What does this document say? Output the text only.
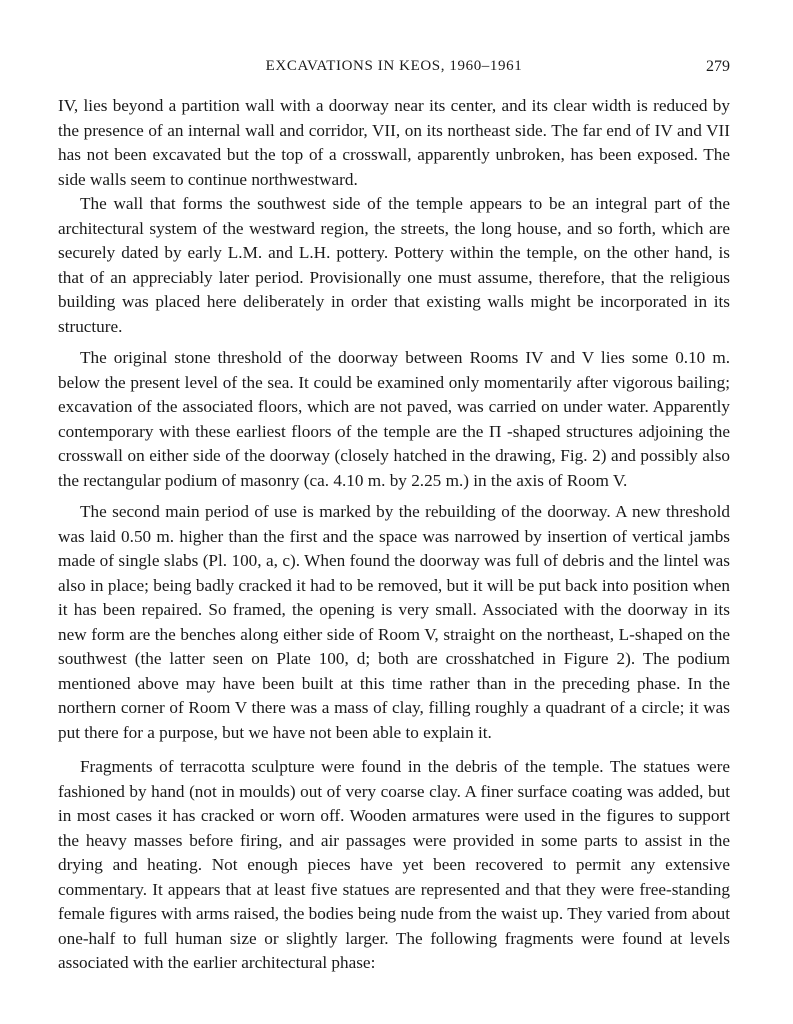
EXCAVATIONS IN KEOS, 1960–1961	279

IV, lies beyond a partition wall with a doorway near its center, and its clear width is reduced by the presence of an internal wall and corridor, VII, on its northeast side. The far end of IV and VII has not been excavated but the top of a crosswall, apparently unbroken, has been exposed. The side walls seem to continue northwestward.

The wall that forms the southwest side of the temple appears to be an integral part of the architectural system of the westward region, the streets, the long house, and so forth, which are securely dated by early L.M. and L.H. pottery. Pottery within the temple, on the other hand, is that of an appreciably later period. Provisionally one must assume, therefore, that the religious building was placed here deliberately in order that existing walls might be incorporated in its structure.

The original stone threshold of the doorway between Rooms IV and V lies some 0.10 m. below the present level of the sea. It could be examined only momentarily after vigorous bailing; excavation of the associated floors, which are not paved, was carried on under water. Apparently contemporary with these earliest floors of the temple are the Π -shaped structures adjoining the crosswall on either side of the doorway (closely hatched in the drawing, Fig. 2) and possibly also the rectangular podium of masonry (ca. 4.10 m. by 2.25 m.) in the axis of Room V.

The second main period of use is marked by the rebuilding of the doorway. A new threshold was laid 0.50 m. higher than the first and the space was narrowed by insertion of vertical jambs made of single slabs (Pl. 100, a, c). When found the doorway was full of debris and the lintel was also in place; being badly cracked it had to be removed, but it will be put back into position when it has been repaired. So framed, the opening is very small. Associated with the doorway in its new form are the benches along either side of Room V, straight on the northeast, L-shaped on the southwest (the latter seen on Plate 100, d; both are crosshatched in Figure 2). The podium mentioned above may have been built at this time rather than in the preceding phase. In the northern corner of Room V there was a mass of clay, filling roughly a quadrant of a circle; it was put there for a purpose, but we have not been able to explain it.

Fragments of terracotta sculpture were found in the debris of the temple. The statues were fashioned by hand (not in moulds) out of very coarse clay. A finer surface coating was added, but in most cases it has cracked or worn off. Wooden armatures were used in the figures to support the heavy masses before firing, and air passages were provided in some parts to assist in the drying and heating. Not enough pieces have yet been recovered to permit any extensive commentary. It appears that at least five statues are represented and that they were free-standing female figures with arms raised, the bodies being nude from the waist up. They varied from about one-half to full human size or slightly larger. The following fragments were found at levels associated with the earlier architectural phase:
